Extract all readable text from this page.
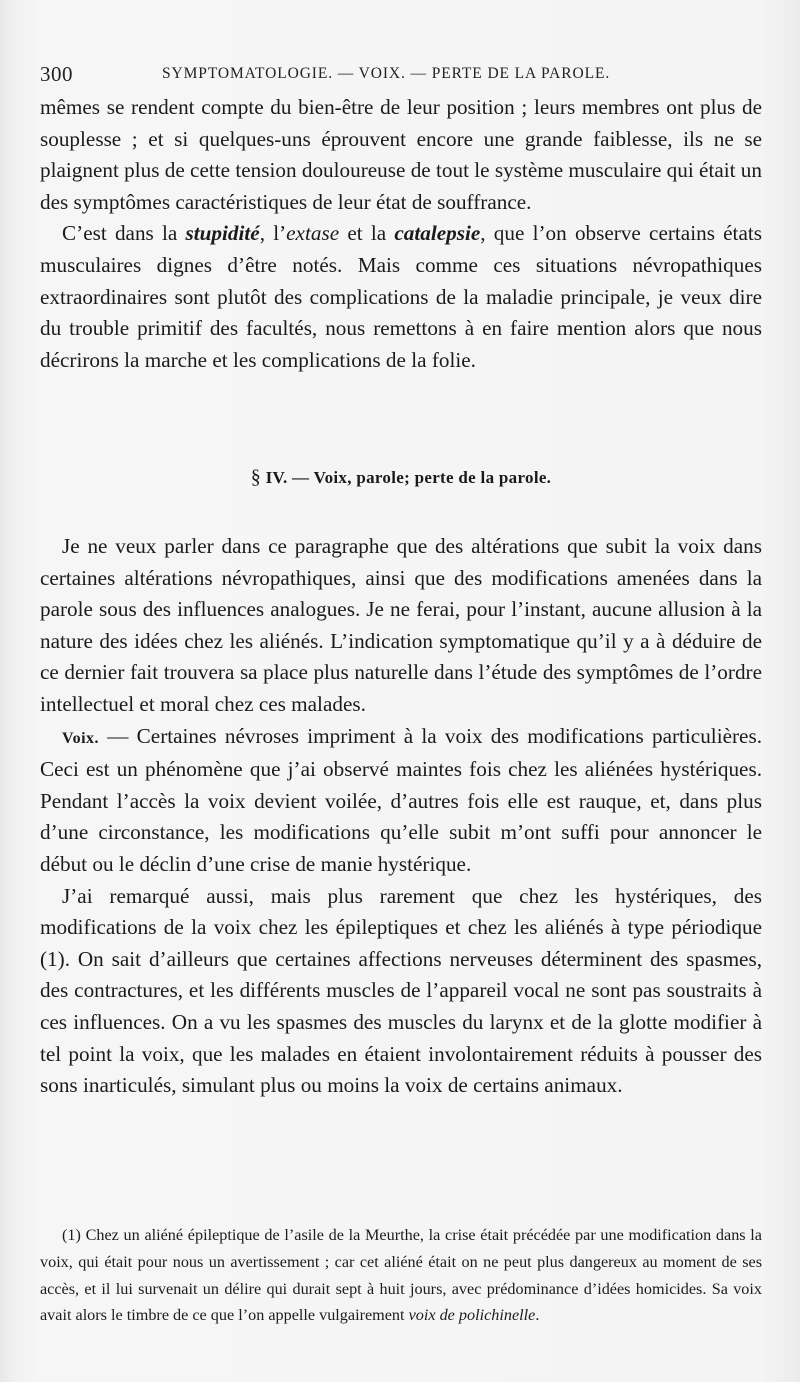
300	SYMPTOMATOLOGIE. — VOIX. — PERTE DE LA PAROLE.

mêmes se rendent compte du bien-être de leur position ; leurs membres ont plus de souplesse ; et si quelques-uns éprouvent encore une grande faiblesse, ils ne se plaignent plus de cette tension douloureuse de tout le système musculaire qui était un des symptômes caractéristiques de leur état de souffrance.

C’est dans la stupidité, l’extase et la catalepsie, que l’on observe certains états musculaires dignes d’être notés. Mais comme ces situations névropathiques extraordinaires sont plutôt des complications de la maladie principale, je veux dire du trouble primitif des facultés, nous remettons à en faire mention alors que nous décrirons la marche et les complications de la folie.

§ IV. — Voix, parole; perte de la parole.

Je ne veux parler dans ce paragraphe que des altérations que subit la voix dans certaines altérations névropathiques, ainsi que des modifications amenées dans la parole sous des influences analogues. Je ne ferai, pour l’instant, aucune allusion à la nature des idées chez les aliénés. L’indication symptomatique qu’il y a à déduire de ce dernier fait trouvera sa place plus naturelle dans l’étude des symptômes de l’ordre intellectuel et moral chez ces malades.

Voix. — Certaines névroses impriment à la voix des modifications particulières. Ceci est un phénomène que j’ai observé maintes fois chez les aliénées hystériques. Pendant l’accès la voix devient voilée, d’autres fois elle est rauque, et, dans plus d’une circonstance, les modifications qu’elle subit m’ont suffi pour annoncer le début ou le déclin d’une crise de manie hystérique.

J’ai remarqué aussi, mais plus rarement que chez les hystériques, des modifications de la voix chez les épileptiques et chez les aliénés à type périodique (1). On sait d’ailleurs que certaines affections nerveuses déterminent des spasmes, des contractures, et les différents muscles de l’appareil vocal ne sont pas soustraits à ces influences. On a vu les spasmes des muscles du larynx et de la glotte modifier à tel point la voix, que les malades en étaient involontairement réduits à pousser des sons inarticulés, simulant plus ou moins la voix de certains animaux.

(1) Chez un aliéné épileptique de l’asile de la Meurthe, la crise était précédée par une modification dans la voix, qui était pour nous un avertissement ; car cet aliéné était on ne peut plus dangereux au moment de ses accès, et il lui survenait un délire qui durait sept à huit jours, avec prédominance d’idées homicides. Sa voix avait alors le timbre de ce que l’on appelle vulgairement voix de polichinelle.
